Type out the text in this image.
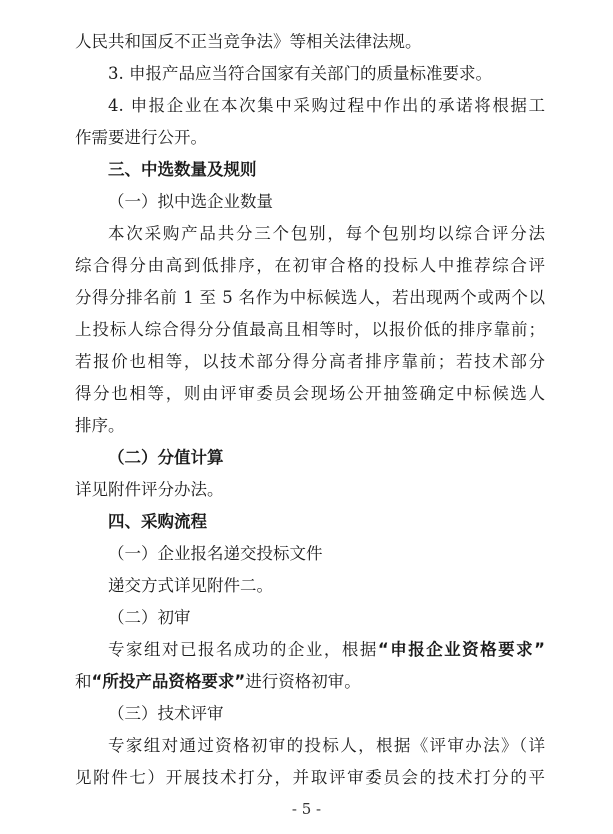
人民共和国反不正当竞争法》等相关法律法规。
3. 申报产品应当符合国家有关部门的质量标准要求。
4. 申报企业在本次集中采购过程中作出的承诺将根据工
作需要进行公开。
三、中选数量及规则
（一）拟中选企业数量
本次采购产品共分三个包别，每个包别均以综合评分法
综合得分由高到低排序，在初审合格的投标人中推荐综合评
分得分排名前 1 至 5 名作为中标候选人，若出现两个或两个以
上投标人综合得分分值最高且相等时，以报价低的排序靠前；
若报价也相等，以技术部分得分高者排序靠前；若技术部分
得分也相等，则由评审委员会现场公开抽签确定中标候选人
排序。
（二）分值计算
详见附件评分办法。
四、采购流程
（一）企业报名递交投标文件
递交方式详见附件二。
（二）初审
专家组对已报名成功的企业，根据“申报企业资格要求”
和“所投产品资格要求”进行资格初审。
（三）技术评审
专家组对通过资格初审的投标人，根据《评审办法》（详
见附件七）开展技术打分，并取评审委员会的技术打分的平
- 5 -
